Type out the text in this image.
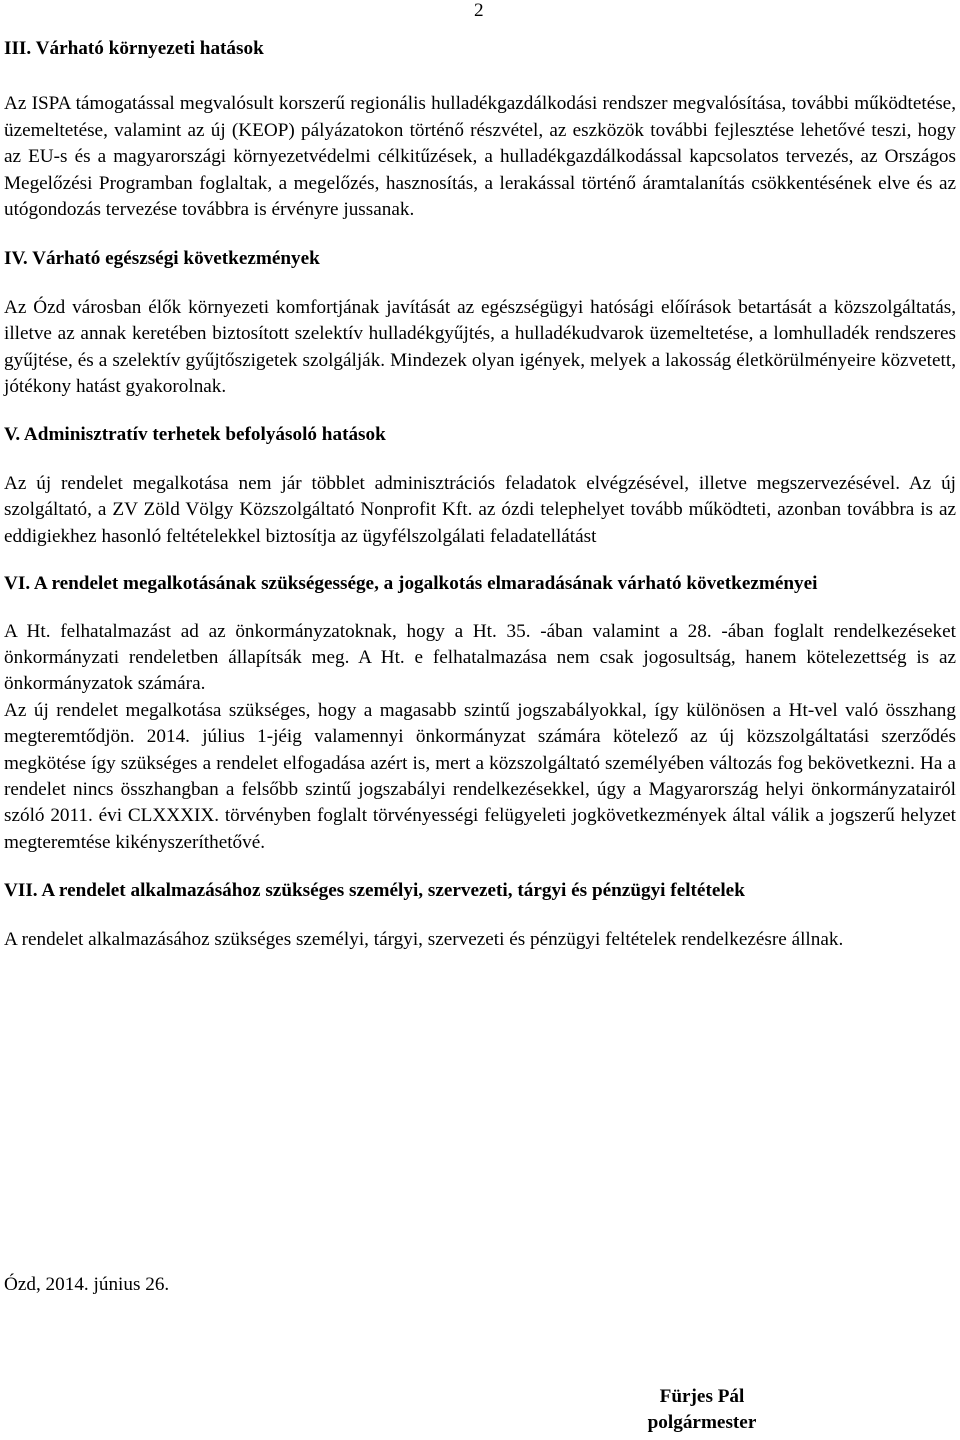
2

III. Várható környezeti hatások

Az ISPA támogatással megvalósult korszerű regionális hulladékgazdálkodási rendszer megvalósítása, további működtetése, üzemeltetése, valamint az új (KEOP) pályázatokon történő részvétel, az eszközök további fejlesztése lehetővé teszi, hogy az EU-s és a magyarországi környezetvédelmi célkitűzések, a hulladékgazdálkodással kapcsolatos tervezés, az Országos Megelőzési Programban foglaltak, a megelőzés, hasznosítás, a lerakással történő áramtalanítás csökkentésének elve és az utógondozás tervezése továbbra is érvényre jussanak.

IV. Várható egészségi következmények

Az Ózd városban élők környezeti komfortjának javítását az egészségügyi hatósági előírások betartását a közszolgáltatás, illetve az annak keretében biztosított szelektív hulladékgyűjtés, a hulladékudvarok üzemeltetése, a lomhulladék rendszeres gyűjtése, és a szelektív gyűjtőszigetek szolgálják. Mindezek olyan igények, melyek a lakosság életkörülményeire közvetett, jótékony hatást gyakorolnak.

V. Adminisztratív terhetek befolyásoló hatások

Az új rendelet megalkotása nem jár többlet adminisztrációs feladatok elvégzésével, illetve megszervezésével. Az új szolgáltató, a ZV Zöld Völgy Közszolgáltató Nonprofit Kft. az ózdi telephelyet tovább működteti, azonban továbbra is az eddigiekhez hasonló feltételekkel biztosítja az ügyfélszolgálati feladatellátást

VI. A rendelet megalkotásának szükségessége, a jogalkotás elmaradásának várható következményei

A Ht. felhatalmazást ad az önkormányzatoknak, hogy a Ht. 35. -ában valamint a 28. -ában foglalt rendelkezéseket önkormányzati rendeletben állapítsák meg. A Ht. e felhatalmazása nem csak jogosultság, hanem kötelezettség is az önkormányzatok számára.

Az új rendelet megalkotása szükséges, hogy a magasabb szintű jogszabályokkal, így különösen a Ht-vel való összhang megteremtődjön. 2014. július 1-jéig valamennyi önkormányzat számára kötelező az új közszolgáltatási szerződés megkötése így szükséges a rendelet elfogadása azért is, mert a közszolgáltató személyében változás fog bekövetkezni. Ha a rendelet nincs összhangban a felsőbb szintű jogszabályi rendelkezésekkel, úgy a Magyarország helyi önkormányzatairól szóló 2011. évi CLXXXIX. törvényben foglalt törvényességi felügyeleti jogkövetkezmények által válik a jogszerű helyzet megteremtése kikényszeríthetővé.

VII. A rendelet alkalmazásához szükséges személyi, szervezeti, tárgyi és pénzügyi feltételek

A rendelet alkalmazásához szükséges személyi, tárgyi, szervezeti és pénzügyi feltételek rendelkezésre állnak.

Ózd, 2014. június 26.
Fürjes Pál
polgármester
